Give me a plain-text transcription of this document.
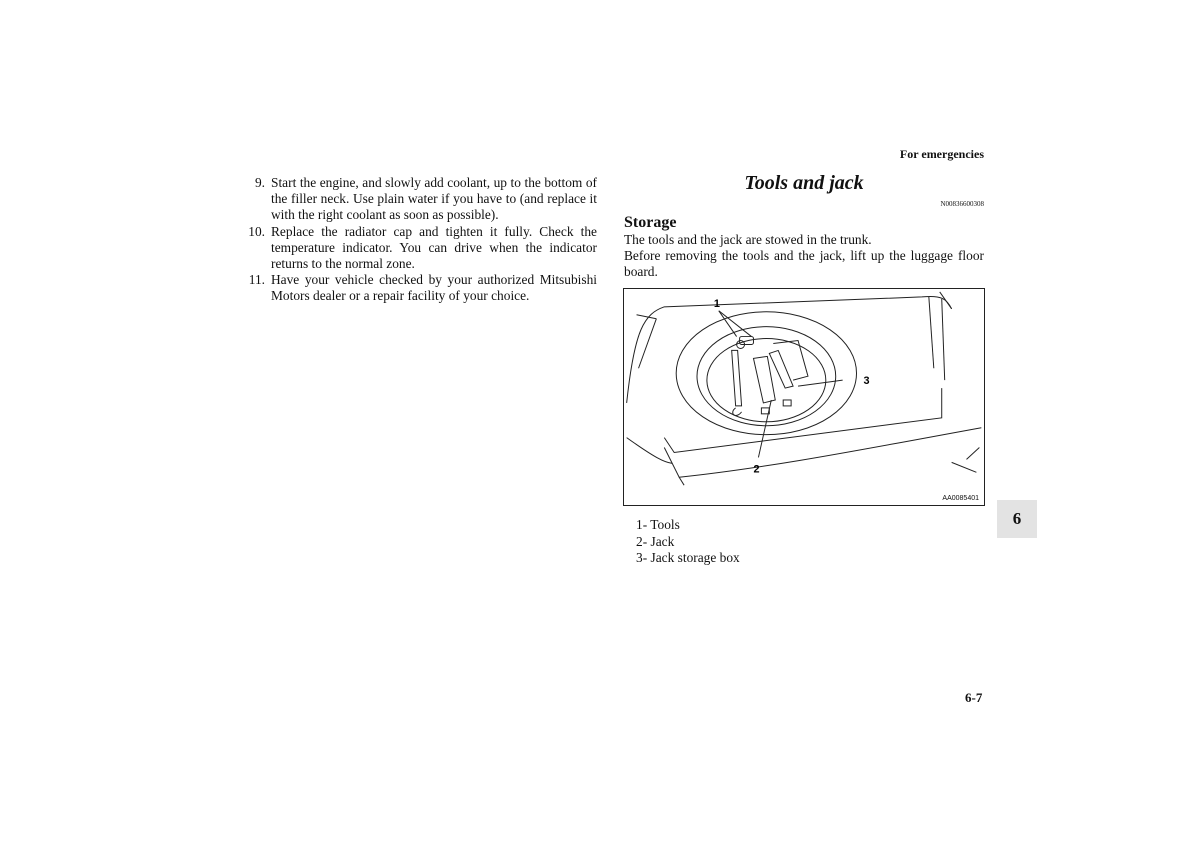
For emergencies
9. Start the engine, and slowly add coolant, up to the bottom of the filler neck. Use plain water if you have to (and replace it with the right coolant as soon as possible).
10. Replace the radiator cap and tighten it fully. Check the temperature indicator. You can drive when the indicator returns to the normal zone.
11. Have your vehicle checked by your authorized Mitsubishi Motors dealer or a repair facility of your choice.
Tools and jack
N00836600308
Storage
The tools and the jack are stowed in the trunk.
Before removing the tools and the jack, lift up the luggage floor board.
1
3
2
AA0085401
1- Tools
2- Jack
3- Jack storage box
6
6-7
